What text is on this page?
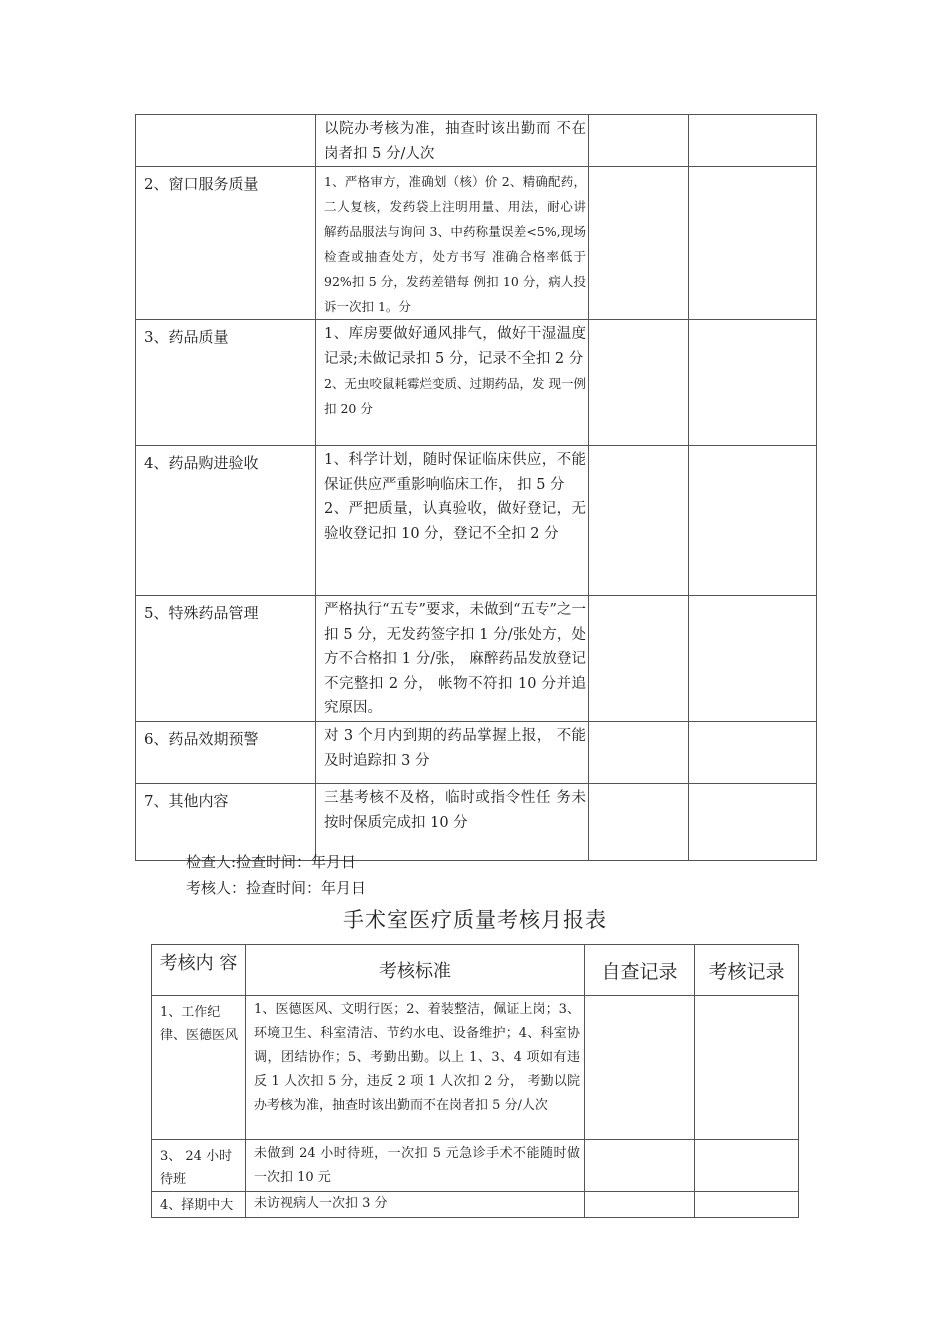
	以院办考核为准，抽查时该出勤而 不在岗者扣 5 分/人次		

2、窗口服务质量	1、严格审方，准确划（核）价 2、精确配药，二人复核，发药袋上注明用量、用法，耐心讲解药品服法与询问 3、中药称量误差<5%,现场检查或抽查处方，处方书写 准确合格率低于 92%扣 5 分，发药差错每 例扣 10 分，病人投诉一次扣 1。分		

3、药品质量	1、库房要做好通风排气，做好干湿温度记录;未做记录扣 5 分，记录不全扣 2 分
2、无虫咬鼠耗霉烂变质、过期药品，发 现一例扣 20 分		

4、药品购进验收	1、科学计划，随时保证临床供应，不能保证供应严重影响临床工作， 扣 5 分
2、严把质量，认真验收，做好登记，无验收登记扣 10 分，登记不全扣 2 分		

5、特殊药品管理	严格执行“五专”要求，未做到“五专”之一扣 5 分，无发药签字扣 1 分/张处方，处方不合格扣 1 分/张， 麻醉药品发放登记不完整扣 2 分， 帐物不符扣 10 分并追究原因。		

6、药品效期预警	对 3 个月内到期的药品掌握上报， 不能及时追踪扣 3 分		

7、其他内容	三基考核不及格，临时或指令性任 务未按时保质完成扣 10 分		

检查人:捡查时间：年月日
考核人：捡查时间：年月日
手术室医疗质量考核月报表
考核内 容	考核标准	自查记录	考核记录
1、工作纪律、医德医风	1、医德医风、文明行医；2、着装整洁，佩证上岗；3、环境卫生、科室清洁、节约水电、设备维护；4、科室协调，团结协作；5、考勤出勤。以上 1、3、4 项如有违反 1 人次扣 5 分，违反 2 项 1 人次扣 2 分， 考勤以院办考核为准，抽查时该出勤而不在岗者扣 5 分/人次		
3、 24 小时待班	未做到 24 小时待班，一次扣 5 元急诊手术不能随时做一次扣 10 元		
4、择期中大	未访视病人一次扣 3 分		
